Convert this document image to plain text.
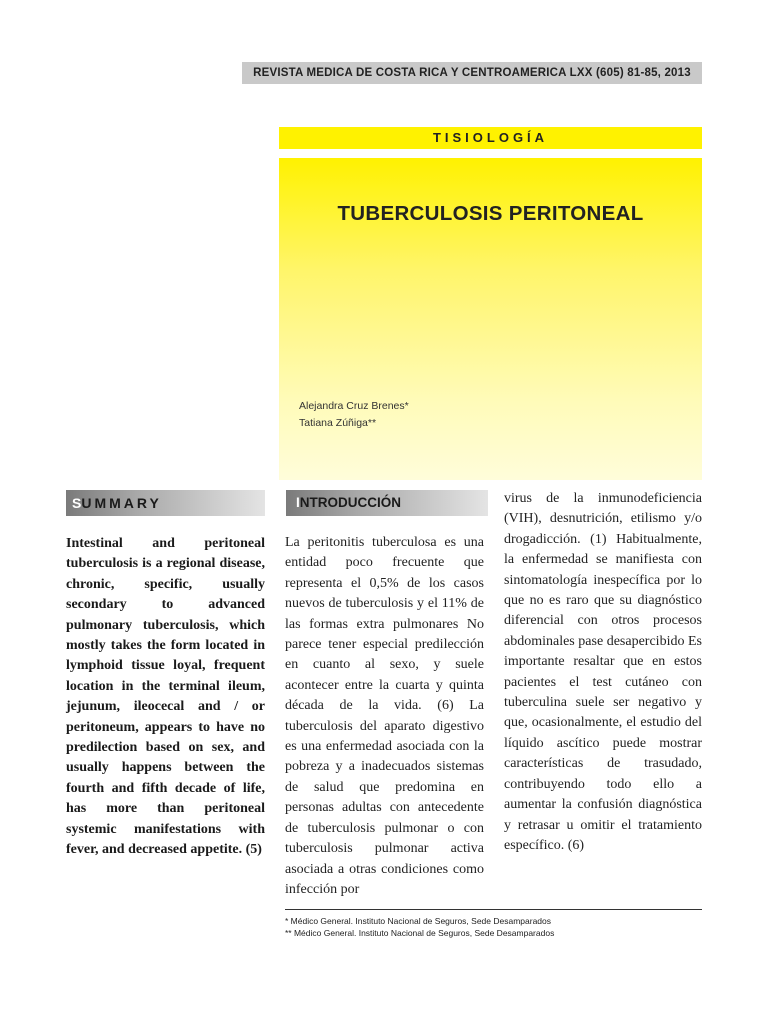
REVISTA MEDICA DE COSTA RICA Y CENTROAMERICA LXX (605) 81-85, 2013
TISIOLOGÍA
TUBERCULOSIS PERITONEAL
Alejandra Cruz Brenes*
Tatiana Zúñiga**
SUMMARY	INTRODUCCIÓN
Intestinal and peritoneal tuberculosis is a regional disease, chronic, specific, usually secondary to advanced pulmonary tuberculosis, which mostly takes the form located in lymphoid tissue loyal, frequent location in the terminal ileum, jejunum, ileocecal and / or peritoneum, appears to have no predilection based on sex, and usually happens between the fourth and fifth decade of life, has more than peritoneal systemic manifestations with fever, and decreased appetite. (5)
La peritonitis tuberculosa es una entidad poco frecuente que representa el 0,5% de los casos nuevos de tuberculosis y el 11% de las formas extra pulmonares No parece tener especial predilección en cuanto al sexo, y suele acontecer entre la cuarta y quinta década de la vida. (6) La tuberculosis del aparato digestivo es una enfermedad asociada con la pobreza y a inadecuados sistemas de salud que predomina en personas adultas con antecedente de tuberculosis pulmonar o con tuberculosis pulmonar activa asociada a otras condiciones como infección por
virus de la inmunodeficiencia (VIH), desnutrición, etilismo y/o drogadicción. (1) Habitualmente, la enfermedad se manifiesta con sintomatología inespecífica por lo que no es raro que su diagnóstico diferencial con otros procesos abdominales pase desapercibido Es importante resaltar que en estos pacientes el test cutáneo con tuberculina suele ser negativo y que, ocasionalmente, el estudio del líquido ascítico puede mostrar características de trasudado, contribuyendo todo ello a aumentar la confusión diagnóstica y retrasar u omitir el tratamiento específico. (6)
* Médico General. Instituto Nacional de Seguros, Sede Desamparados
** Médico General. Instituto Nacional de Seguros, Sede Desamparados
